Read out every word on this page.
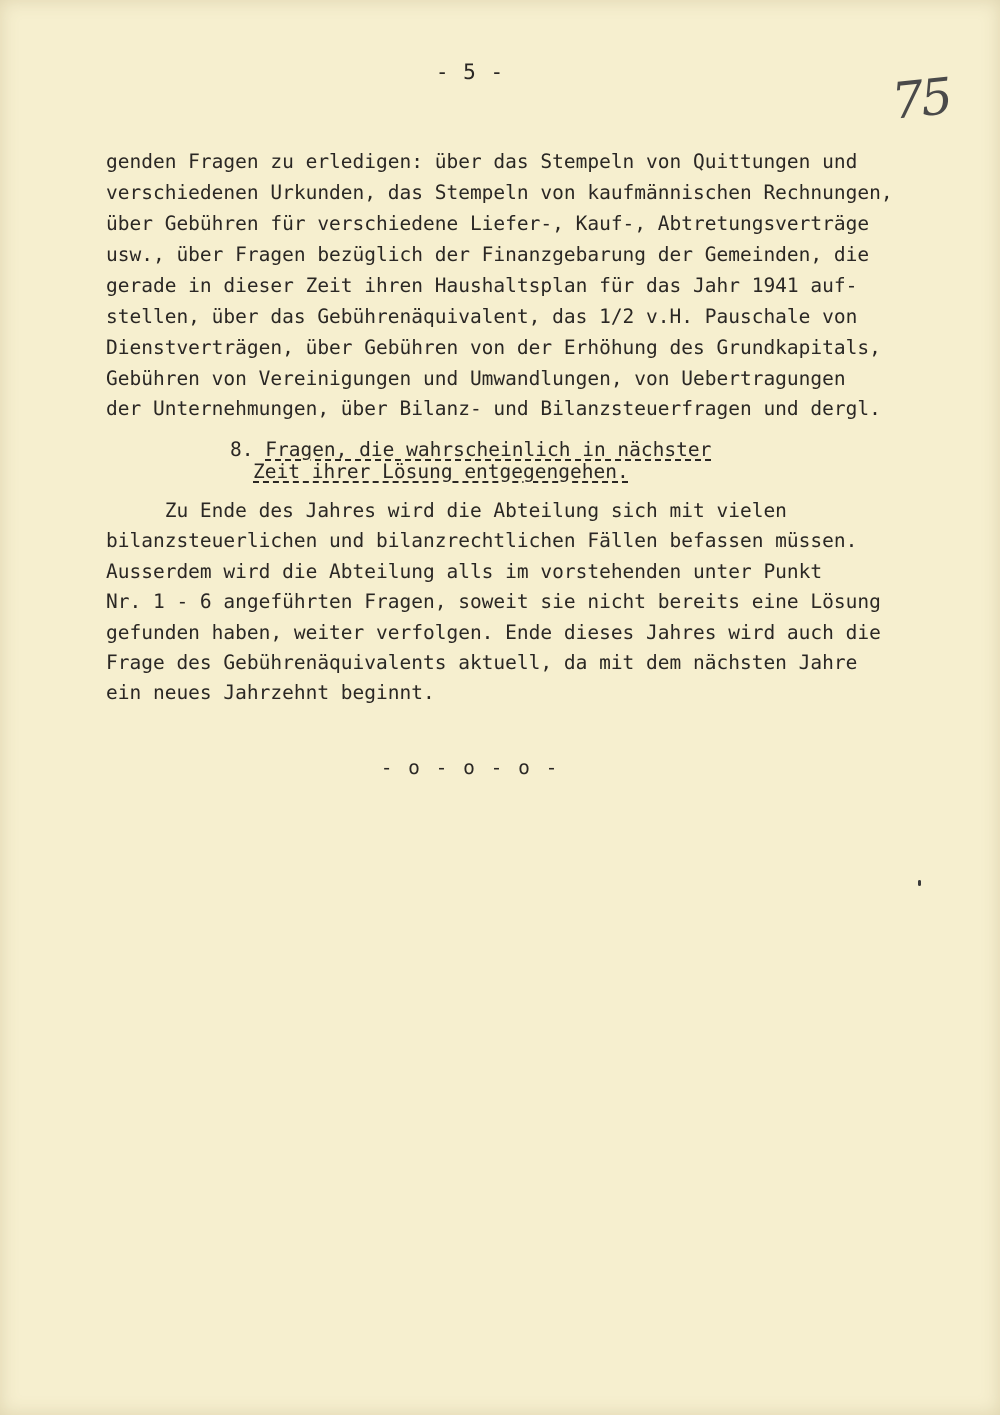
- 5 -	75
genden Fragen zu erledigen: über das Stempeln von Quittungen und
verschiedenen Urkunden, das Stempeln von kaufmännischen Rechnungen,
über Gebühren für verschiedene Liefer-, Kauf-, Abtretungsverträge
usw., über Fragen bezüglich der Finanzgebarung der Gemeinden, die
gerade in dieser Zeit ihren Haushaltsplan für das Jahr 1941 auf-
stellen, über das Gebührenäquivalent, das 1/2 v.H. Pauschale von
Dienstverträgen, über Gebühren von der Erhöhung des Grundkapitals,
Gebühren von Vereinigungen und Umwandlungen, von Uebertragungen
der Unternehmungen, über Bilanz- und Bilanzsteuerfragen und dergl.
8. Fragen, die wahrscheinlich in nächster
Zeit ihrer Lösung entgegengehen.
Zu Ende des Jahres wird die Abteilung sich mit vielen
bilanzsteuerlichen und bilanzrechtlichen Fällen befassen müssen.
Ausserdem wird die Abteilung alls im vorstehenden unter Punkt
Nr. 1 - 6 angeführten Fragen, soweit sie nicht bereits eine Lösung
gefunden haben, weiter verfolgen. Ende dieses Jahres wird auch die
Frage des Gebührenäquivalents aktuell, da mit dem nächsten Jahre
ein neues Jahrzehnt beginnt.
- o - o - o -
